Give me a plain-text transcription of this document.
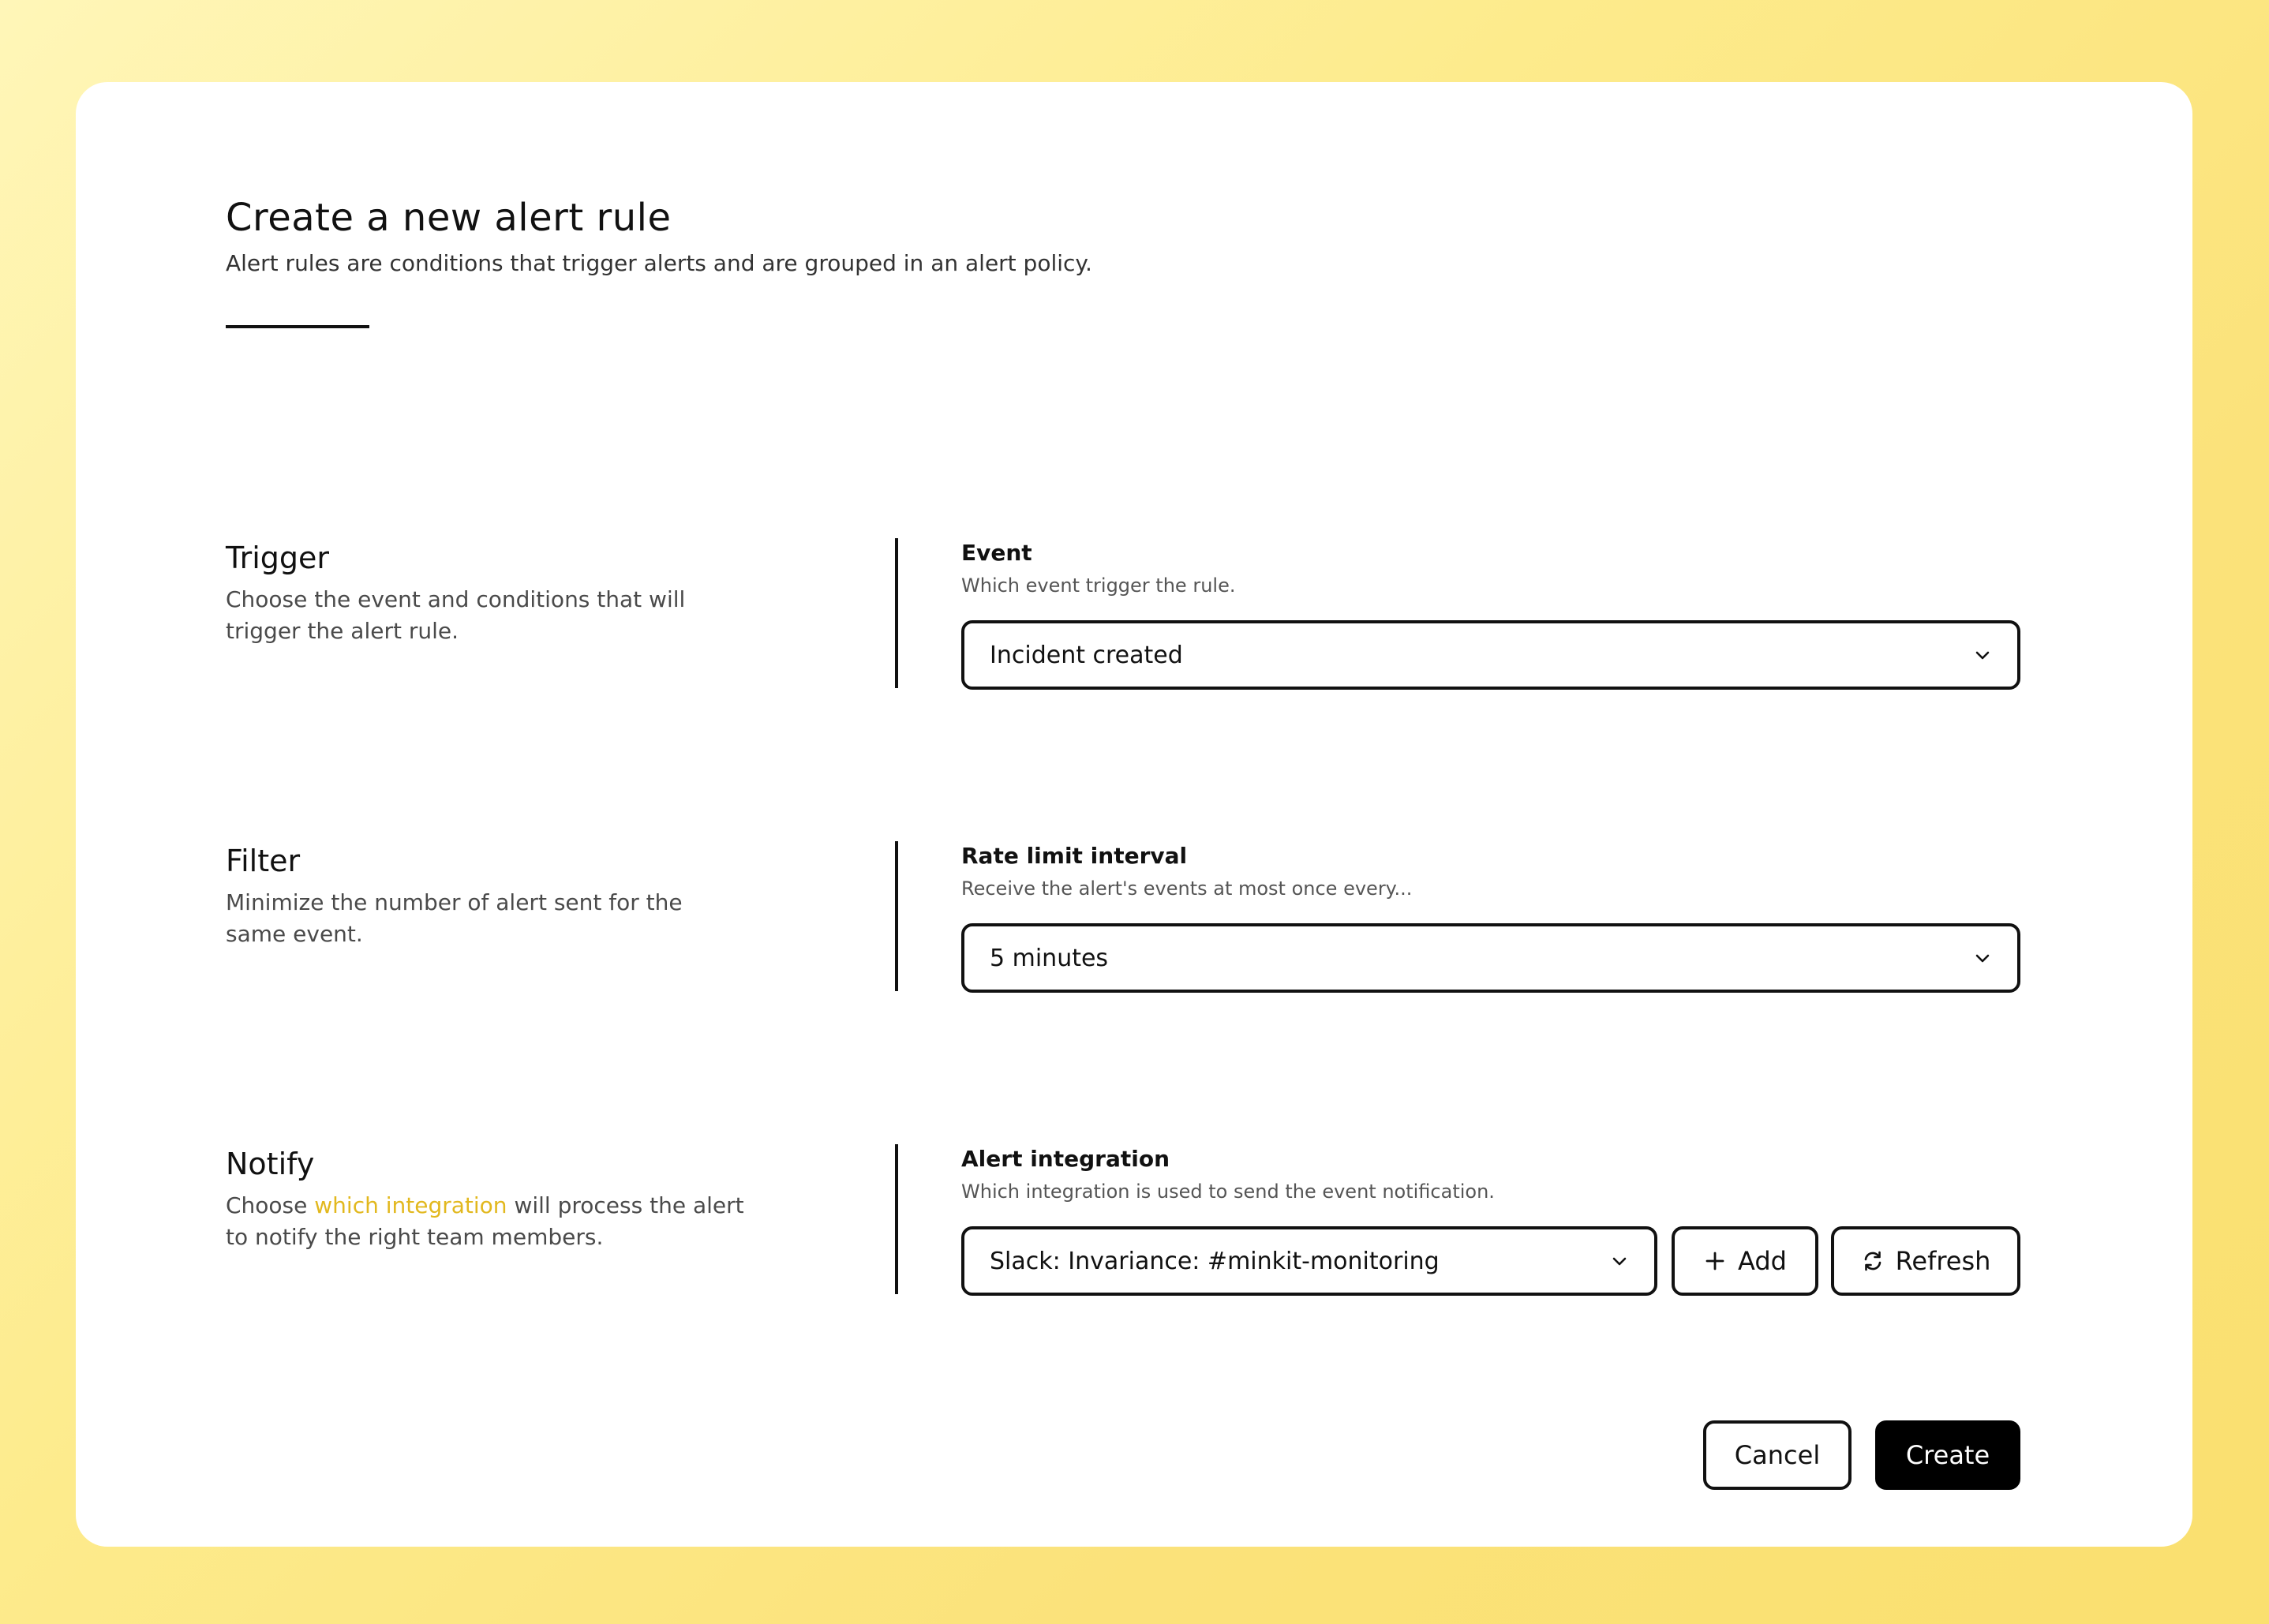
Create a new alert rule

Alert rules are conditions that trigger alerts and are grouped in an alert policy.

Trigger

Choose the event and conditions that will trigger the alert rule.

Event

Which event trigger the rule.

Incident created
Filter

Minimize the number of alert sent for the same event.

Rate limit interval

Receive the alert's events at most once every...

5 minutes
Notify

Choose which integration will process the alert to notify the right team members.

Alert integration

Which integration is used to send the event notification.

Slack: Invariance: #minkit-monitoring	Add	Refresh
Cancel	Create
